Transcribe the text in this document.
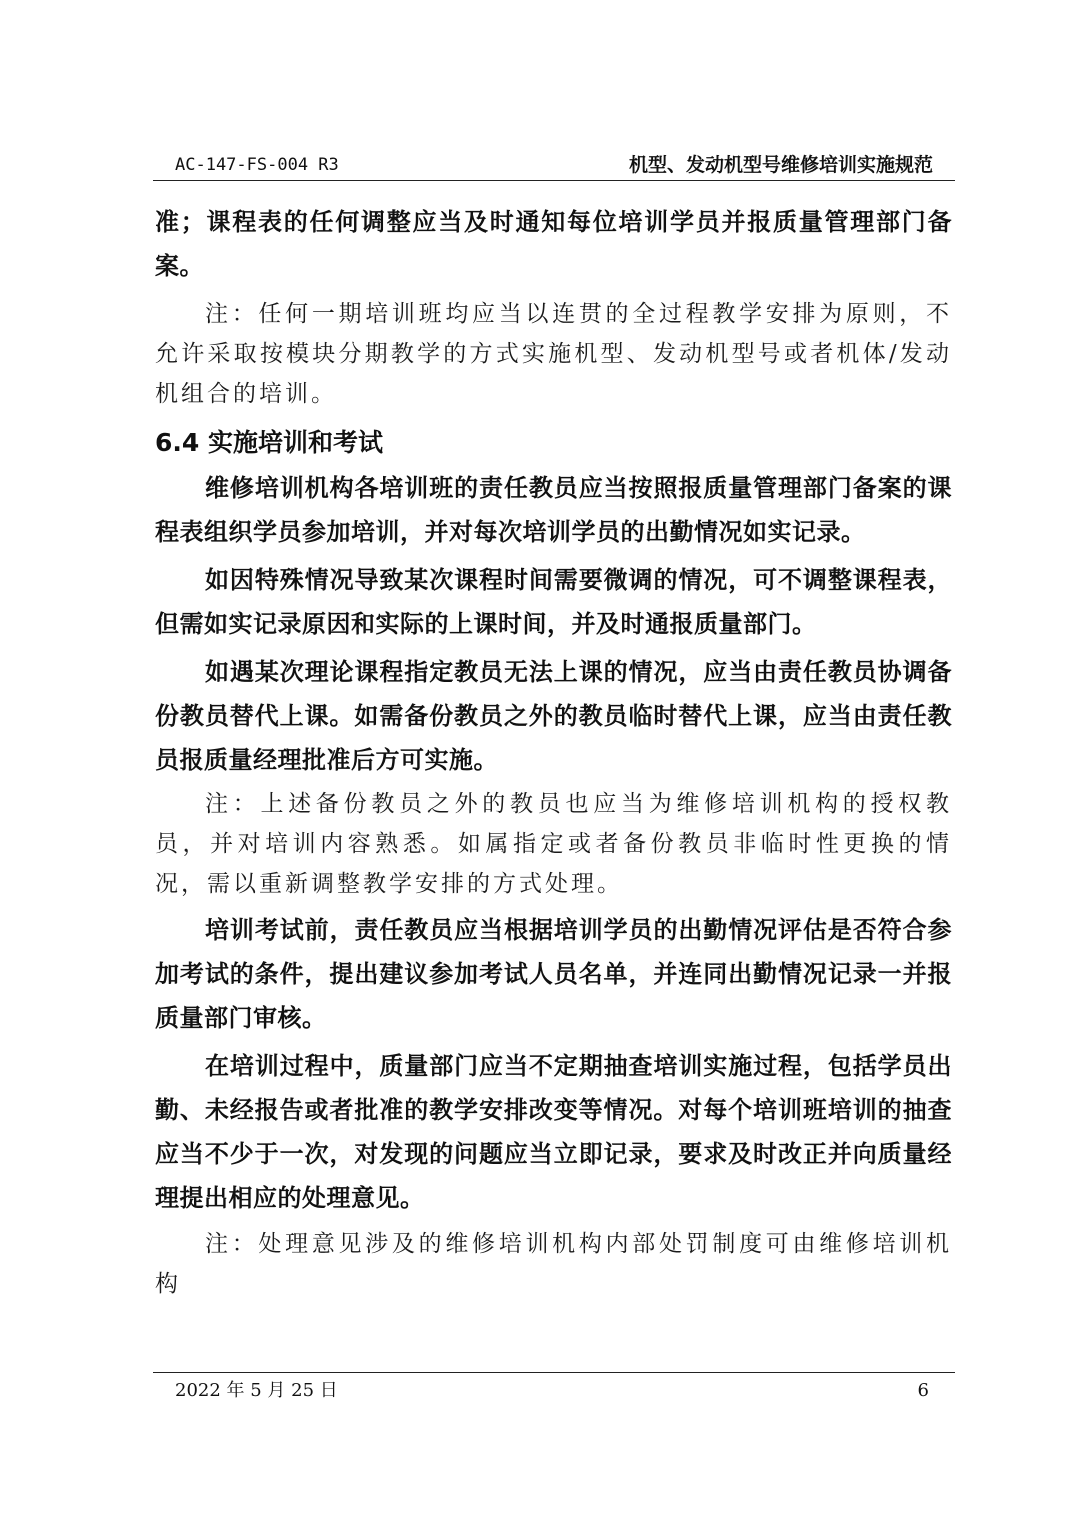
AC-147-FS-004 R3	机型、发动机型号维修培训实施规范

准；课程表的任何调整应当及时通知每位培训学员并报质量管理部门备案。

注：任何一期培训班均应当以连贯的全过程教学安排为原则，不允许采取按模块分期教学的方式实施机型、发动机型号或者机体/发动机组合的培训。

6.4 实施培训和考试

维修培训机构各培训班的责任教员应当按照报质量管理部门备案的课程表组织学员参加培训，并对每次培训学员的出勤情况如实记录。

如因特殊情况导致某次课程时间需要微调的情况，可不调整课程表，但需如实记录原因和实际的上课时间，并及时通报质量部门。

如遇某次理论课程指定教员无法上课的情况，应当由责任教员协调备份教员替代上课。如需备份教员之外的教员临时替代上课，应当由责任教员报质量经理批准后方可实施。

注：上述备份教员之外的教员也应当为维修培训机构的授权教员，并对培训内容熟悉。如属指定或者备份教员非临时性更换的情况，需以重新调整教学安排的方式处理。

培训考试前，责任教员应当根据培训学员的出勤情况评估是否符合参加考试的条件，提出建议参加考试人员名单，并连同出勤情况记录一并报质量部门审核。

在培训过程中，质量部门应当不定期抽查培训实施过程，包括学员出勤、未经报告或者批准的教学安排改变等情况。对每个培训班培训的抽查应当不少于一次，对发现的问题应当立即记录，要求及时改正并向质量经理提出相应的处理意见。

注：处理意见涉及的维修培训机构内部处罚制度可由维修培训机构

2022 年 5 月 25 日	6
